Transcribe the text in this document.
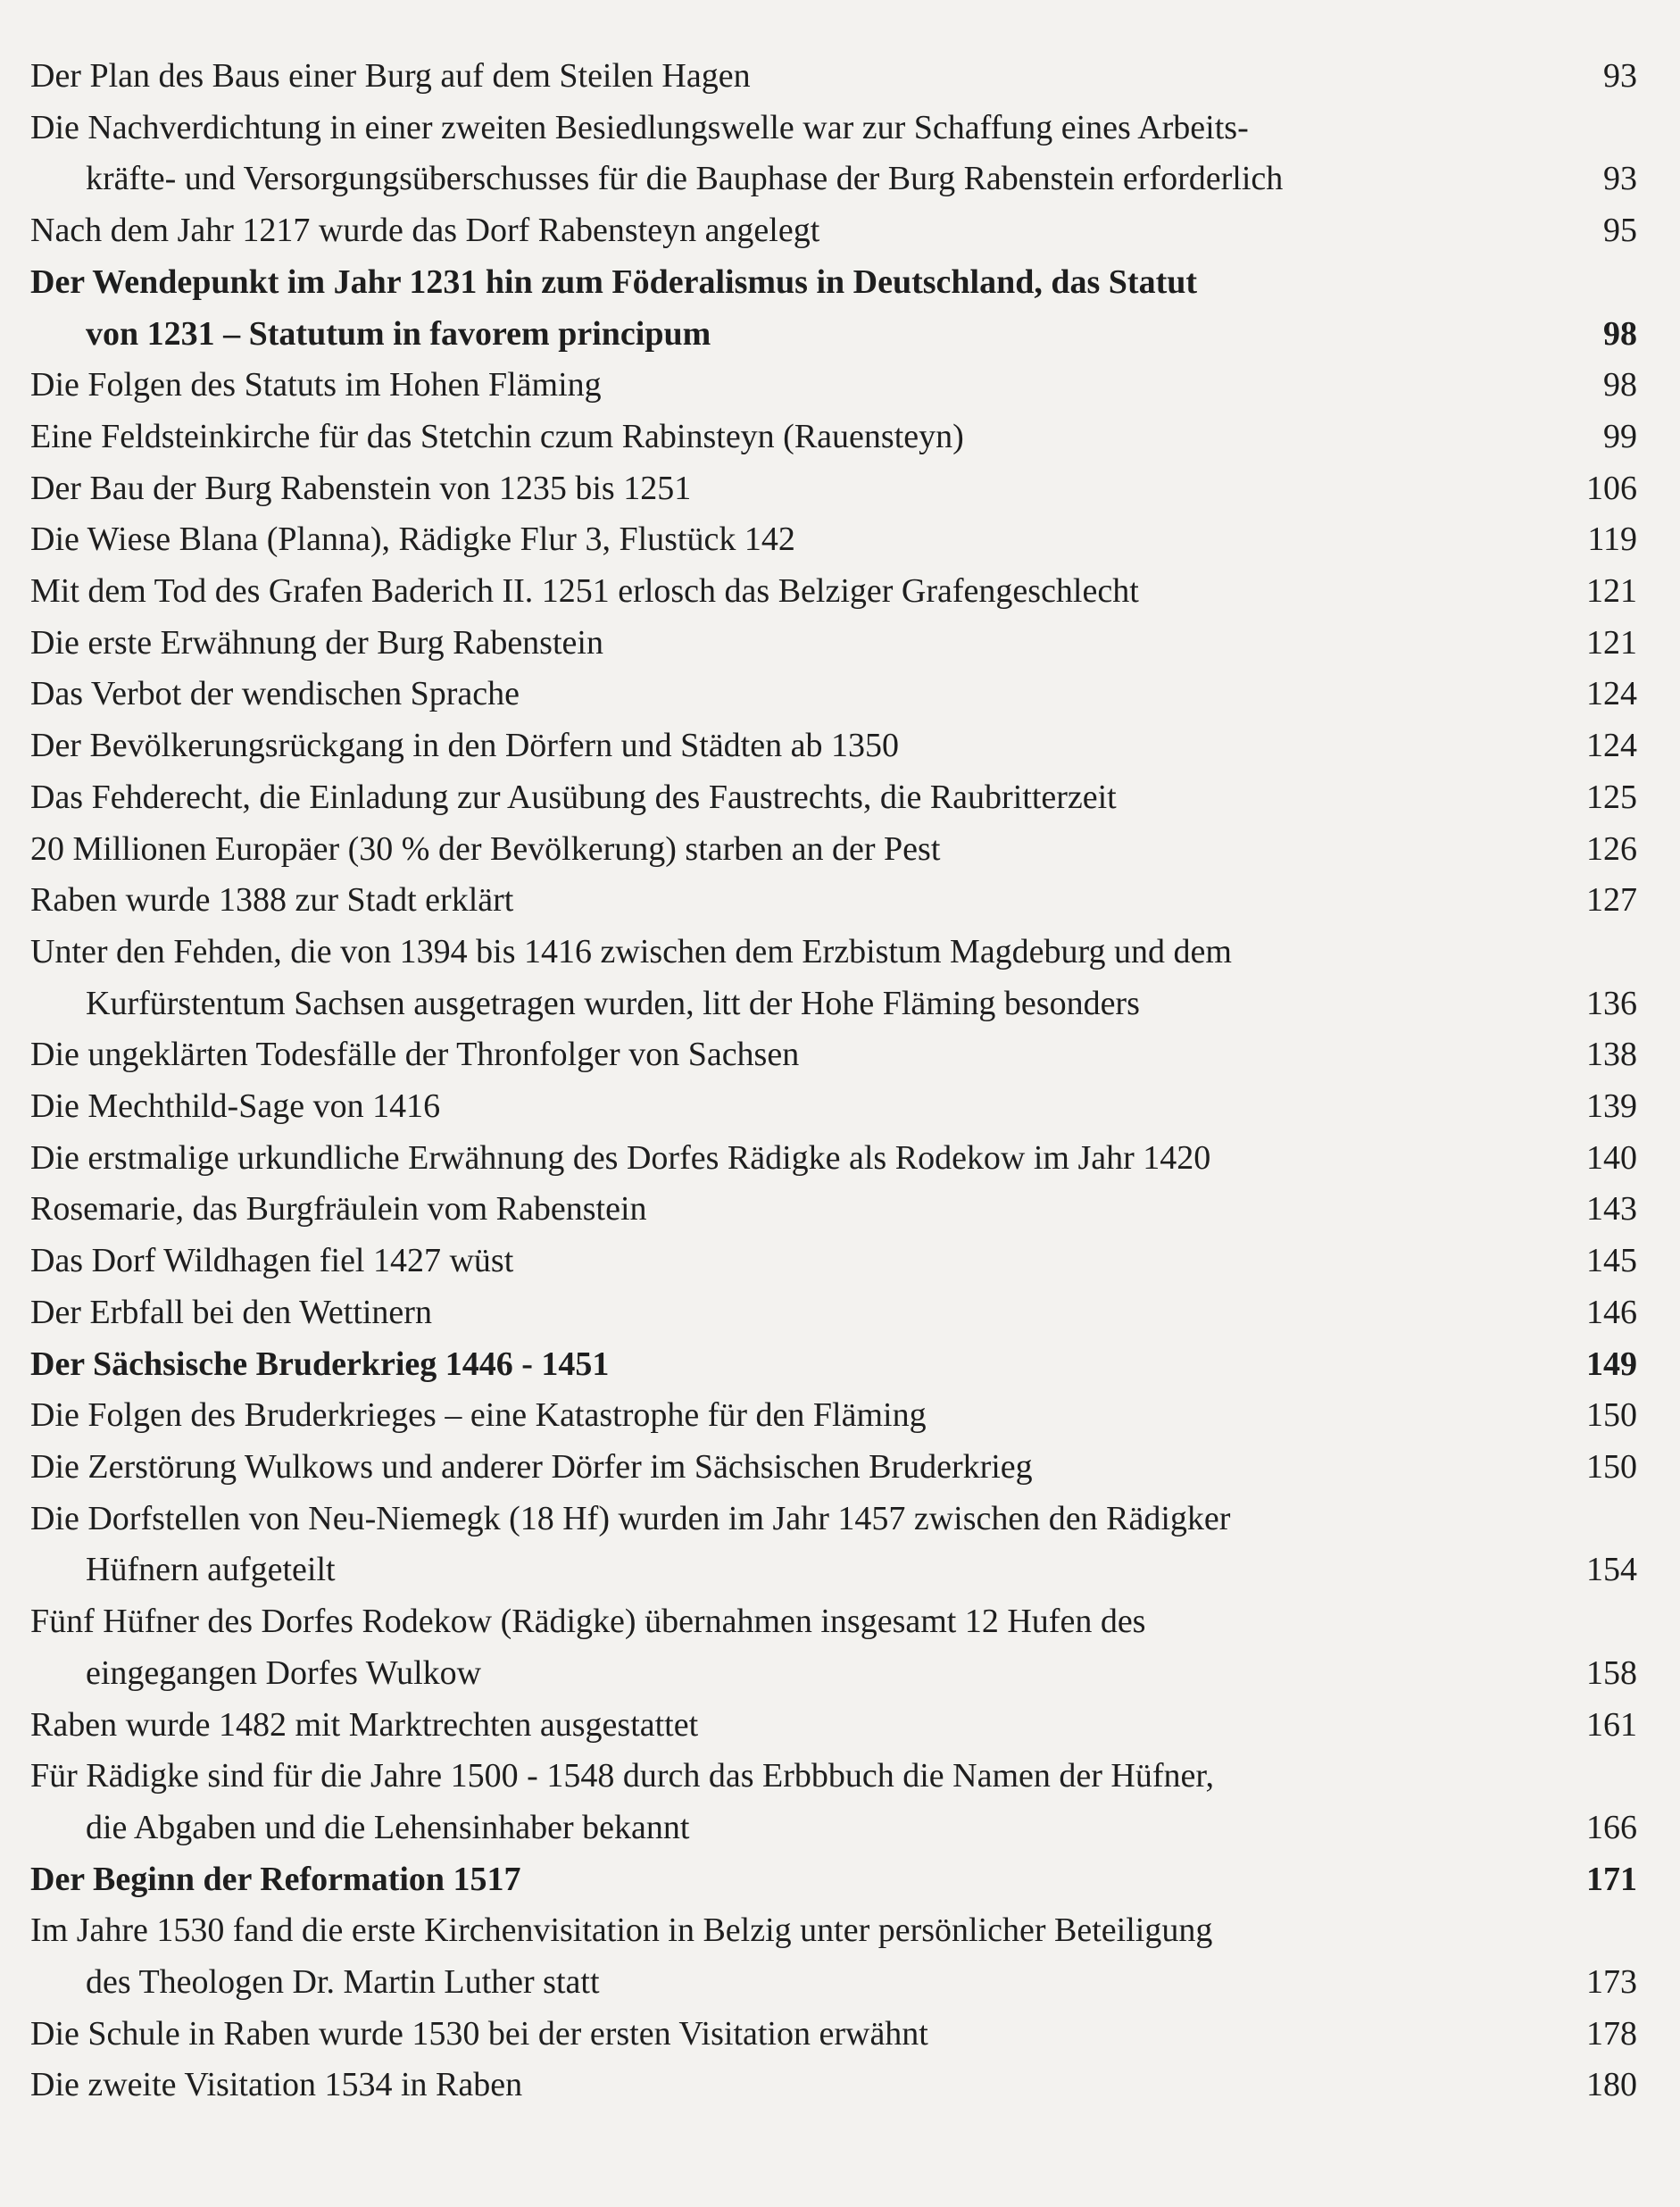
Der Plan des Baus einer Burg auf dem Steilen Hagen	93
Die Nachverdichtung in einer zweiten Besiedlungswelle war zur Schaffung eines Arbeits-
kräfte- und Versorgungsüberschusses für die Bauphase der Burg Rabenstein erforderlich	93
Nach dem Jahr 1217 wurde das Dorf Rabensteyn angelegt	95
Der Wendepunkt im Jahr 1231 hin zum Föderalismus in Deutschland, das Statut
von 1231 – Statutum in favorem principum	98
Die Folgen des Statuts im Hohen Fläming	98
Eine Feldsteinkirche für das Stetchin czum Rabinsteyn (Rauensteyn)	99
Der Bau der Burg Rabenstein von 1235 bis 1251	106
Die Wiese Blana (Planna), Rädigke Flur 3, Flustück 142	119
Mit dem Tod des Grafen Baderich II. 1251 erlosch das Belziger Grafengeschlecht	121
Die erste Erwähnung der Burg Rabenstein	121
Das Verbot der wendischen Sprache	124
Der Bevölkerungsrückgang in den Dörfern und Städten ab 1350	124
Das Fehderecht, die Einladung zur Ausübung des Faustrechts, die Raubritterzeit	125
20 Millionen Europäer (30 % der Bevölkerung) starben an der Pest	126
Raben wurde 1388 zur Stadt erklärt	127
Unter den Fehden, die von 1394 bis 1416 zwischen dem Erzbistum Magdeburg und dem
Kurfürstentum Sachsen ausgetragen wurden, litt der Hohe Fläming besonders	136
Die ungeklärten Todesfälle der Thronfolger von Sachsen	138
Die Mechthild-Sage von 1416	139
Die erstmalige urkundliche Erwähnung des Dorfes Rädigke als Rodekow im Jahr 1420	140
Rosemarie, das Burgfräulein vom Rabenstein	143
Das Dorf Wildhagen fiel 1427 wüst	145
Der Erbfall bei den Wettinern	146
Der Sächsische Bruderkrieg 1446 - 1451	149
Die Folgen des Bruderkrieges – eine Katastrophe für den Fläming	150
Die Zerstörung Wulkows und anderer Dörfer im Sächsischen Bruderkrieg	150
Die Dorfstellen von Neu-Niemegk (18 Hf) wurden im Jahr 1457 zwischen den Rädigker
Hüfnern aufgeteilt	154
Fünf Hüfner des Dorfes Rodekow (Rädigke) übernahmen insgesamt 12 Hufen des
eingegangen Dorfes Wulkow	158
Raben wurde 1482 mit Marktrechten ausgestattet	161
Für Rädigke sind für die Jahre 1500 - 1548 durch das Erbbbuch die Namen der Hüfner,
die Abgaben und die Lehensinhaber bekannt	166
Der Beginn der Reformation 1517	171
Im Jahre 1530 fand die erste Kirchenvisitation in Belzig unter persönlicher Beteiligung
des Theologen Dr. Martin Luther statt	173
Die Schule in Raben wurde 1530 bei der ersten Visitation erwähnt	178
Die zweite Visitation 1534 in Raben	180
